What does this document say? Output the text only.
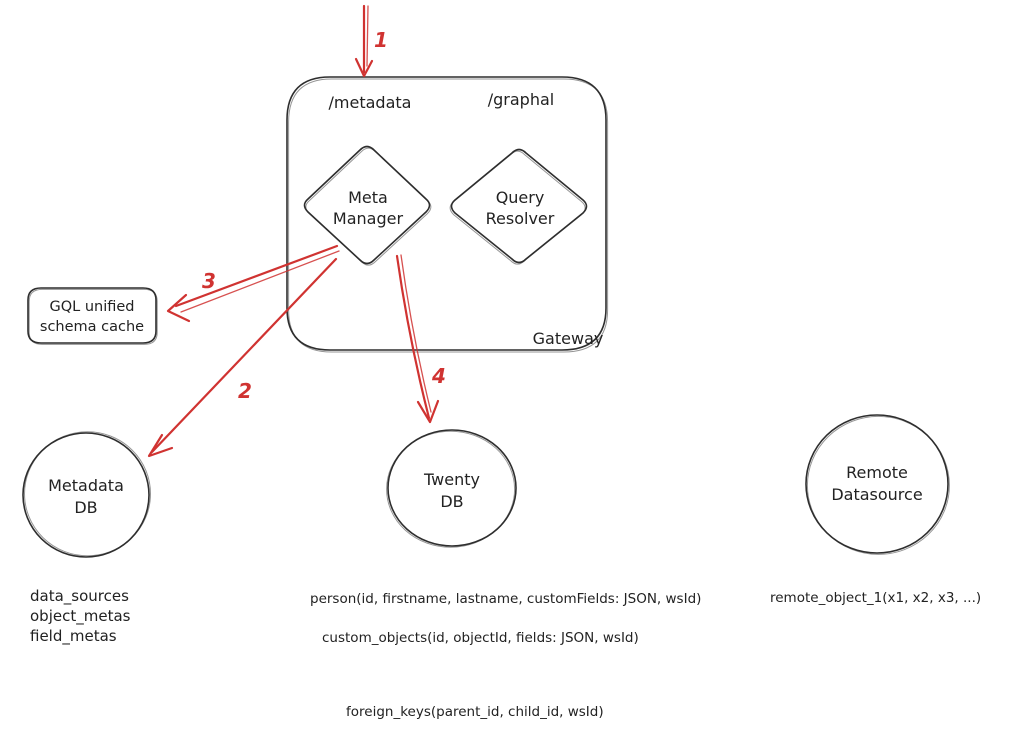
/metadata	/graphal
Gateway
Meta
Manager
Query
Resolver
GQL unified
schema cache
Metadata
DB
Twenty
DB
Remote
Datasource
1
3
2
4
data_sources
object_metas
field_metas
person(id, firstname, lastname, customFields: JSON, wsId)
custom_objects(id, objectId, fields: JSON, wsId)
foreign_keys(parent_id, child_id, wsId)
remote_object_1(x1, x2, x3, ...)
